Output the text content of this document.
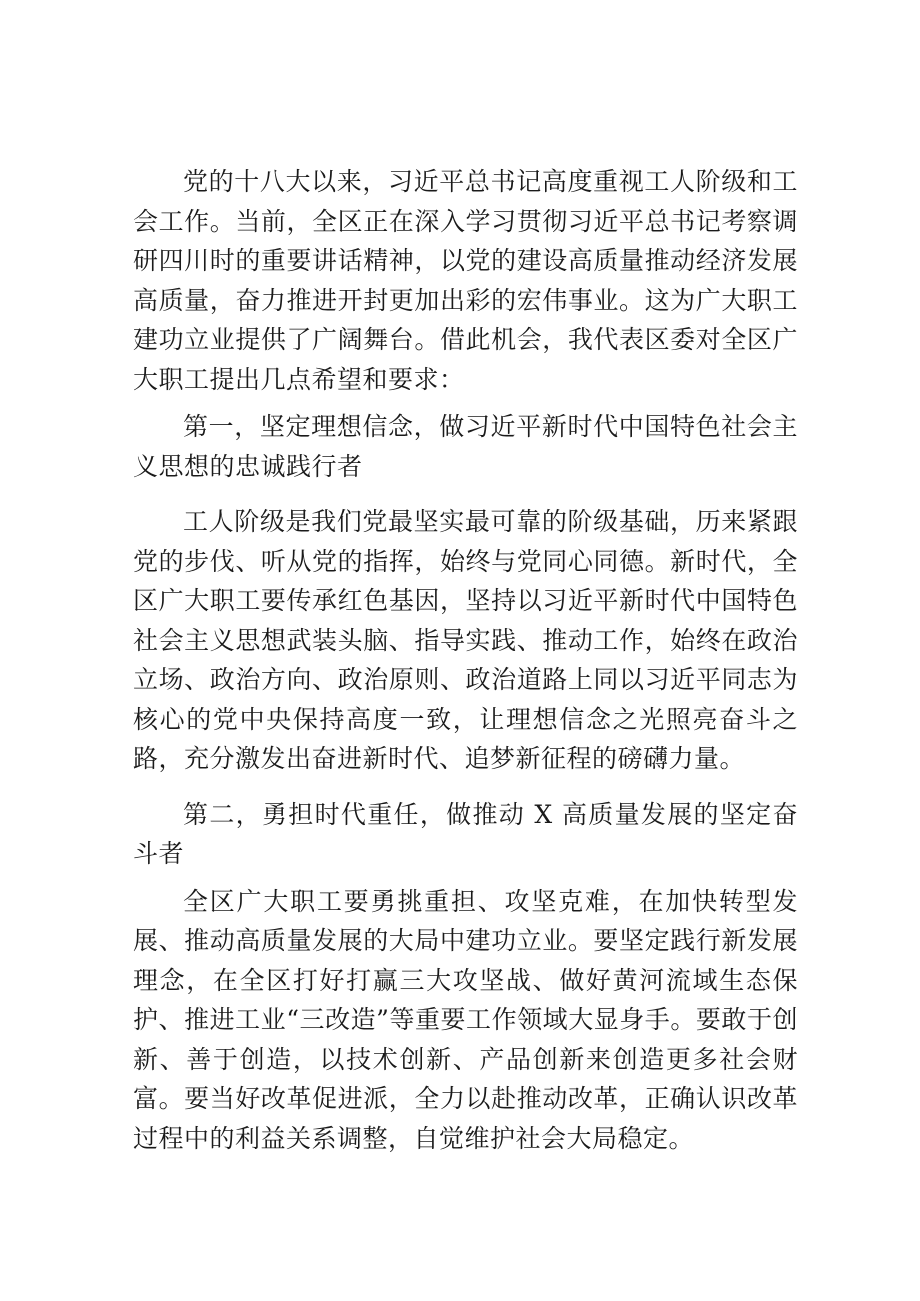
党的十八大以来，习近平总书记高度重视工人阶级和工会工作。当前，全区正在深入学习贯彻习近平总书记考察调研四川时的重要讲话精神，以党的建设高质量推动经济发展高质量，奋力推进开封更加出彩的宏伟事业。这为广大职工建功立业提供了广阔舞台。借此机会，我代表区委对全区广大职工提出几点希望和要求：

第一，坚定理想信念，做习近平新时代中国特色社会主义思想的忠诚践行者

工人阶级是我们党最坚实最可靠的阶级基础，历来紧跟党的步伐、听从党的指挥，始终与党同心同德。新时代，全区广大职工要传承红色基因，坚持以习近平新时代中国特色社会主义思想武装头脑、指导实践、推动工作，始终在政治立场、政治方向、政治原则、政治道路上同以习近平同志为核心的党中央保持高度一致，让理想信念之光照亮奋斗之路，充分激发出奋进新时代、追梦新征程的磅礴力量。

第二，勇担时代重任，做推动 X 高质量发展的坚定奋斗者

全区广大职工要勇挑重担、攻坚克难，在加快转型发展、推动高质量发展的大局中建功立业。要坚定践行新发展理念，在全区打好打赢三大攻坚战、做好黄河流域生态保护、推进工业“三改造”等重要工作领域大显身手。要敢于创新、善于创造，以技术创新、产品创新来创造更多社会财富。要当好改革促进派，全力以赴推动改革，正确认识改革过程中的利益关系调整，自觉维护社会大局稳定。
